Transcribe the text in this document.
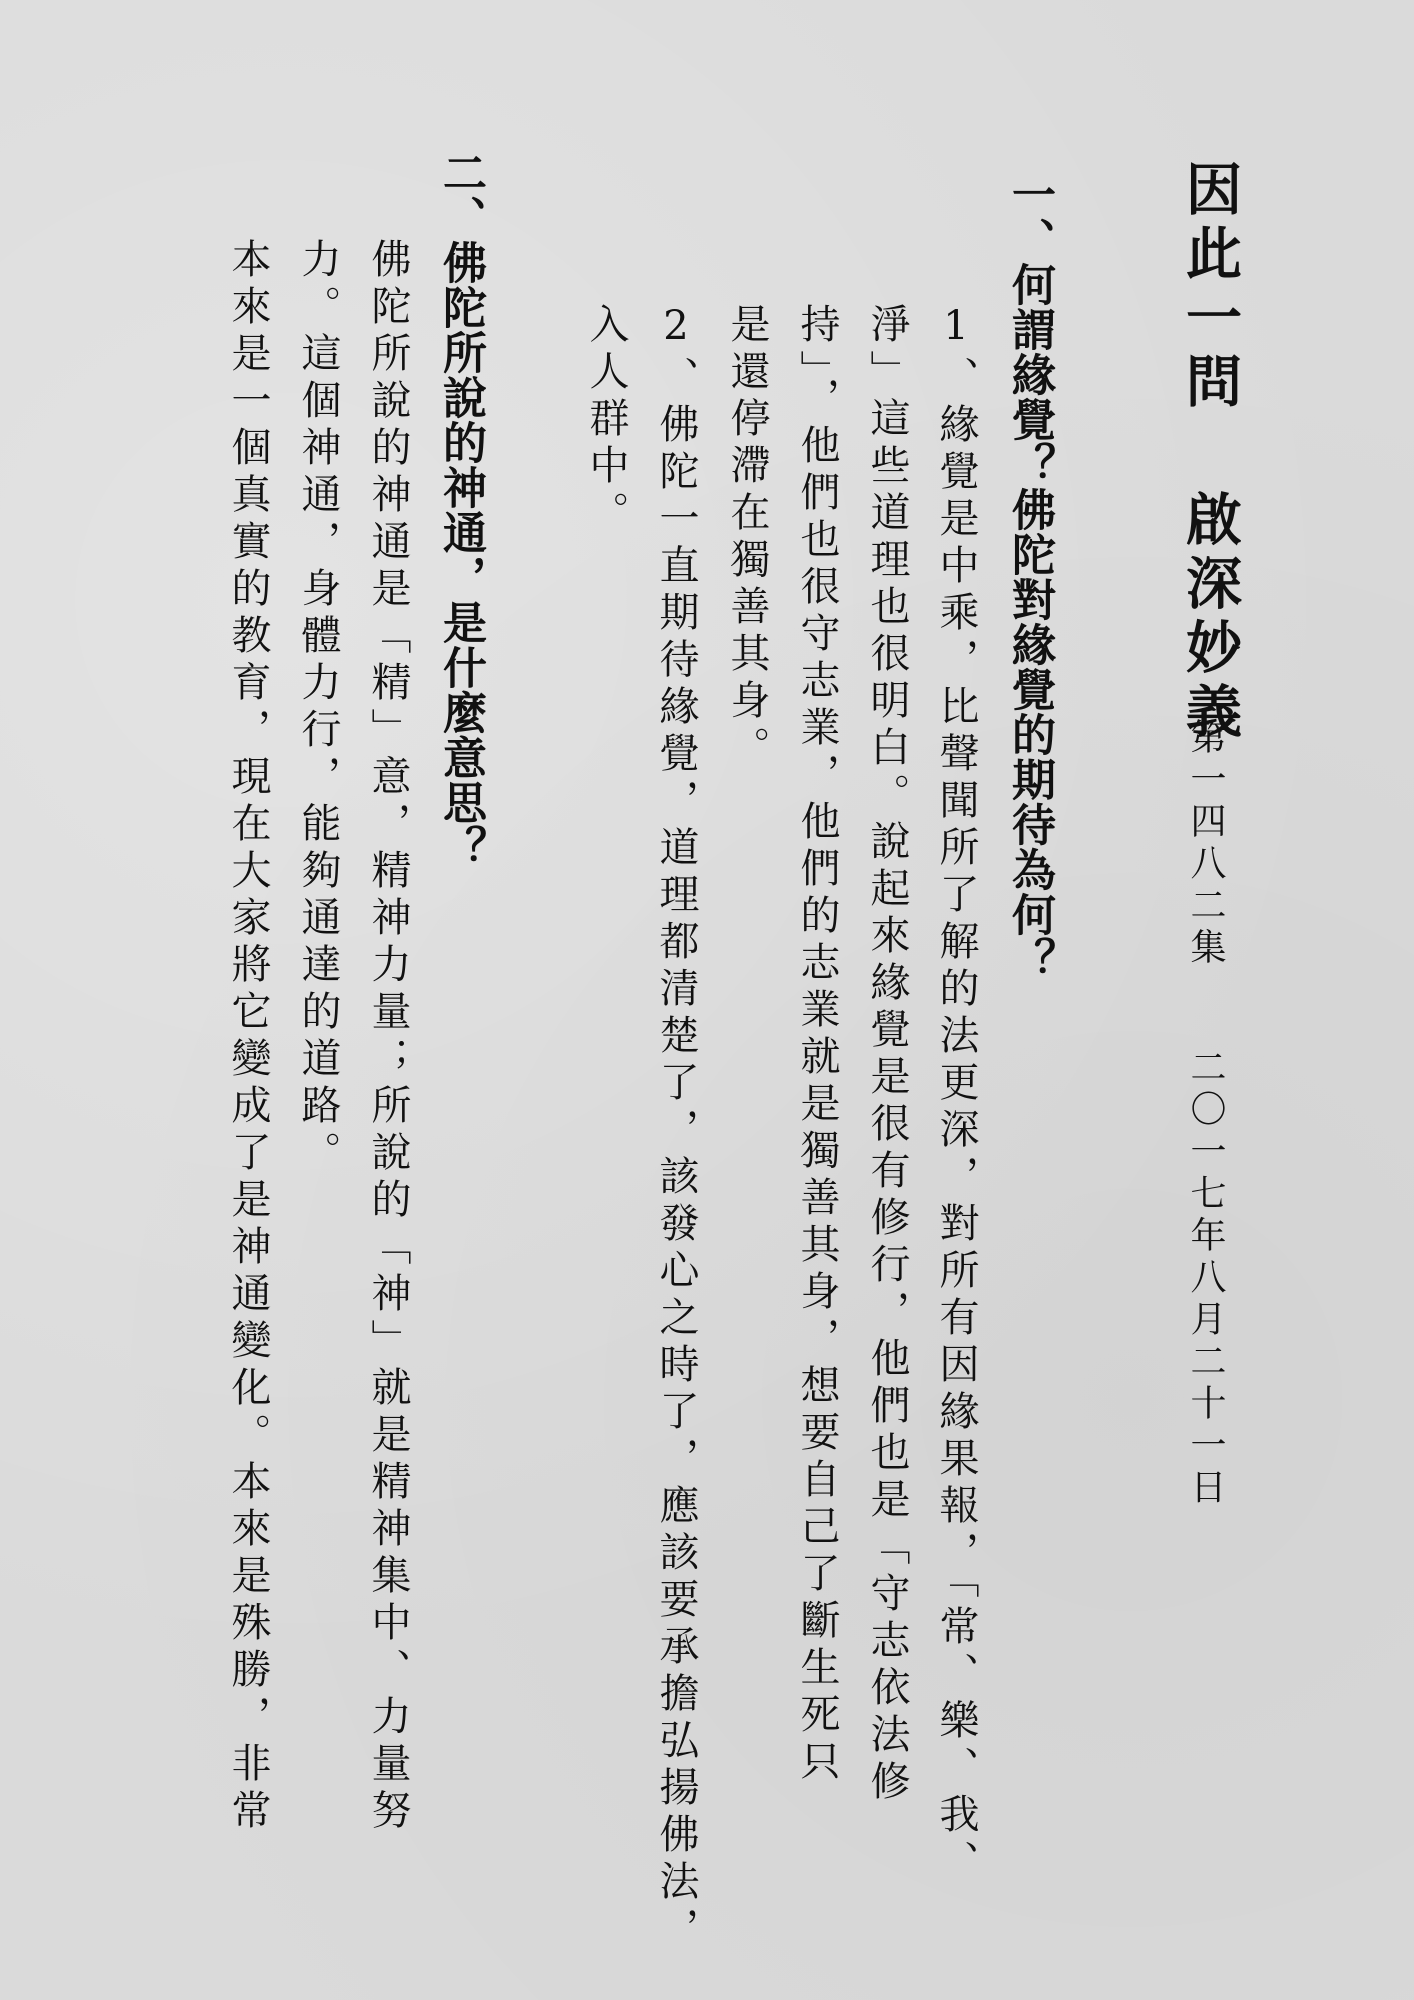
因此一問 啟深妙義
第一四八二集
二〇一七年八月二十一日
一、何謂緣覺？佛陀對緣覺的期待為何？

1、緣覺是中乘，比聲聞所了解的法更深，對所有因緣果報，「常、樂、我、

淨」這些道理也很明白。說起來緣覺是很有修行，他們也是「守志依法修

持」，他們也很守志業，他們的志業就是獨善其身，想要自己了斷生死只

是還停滯在獨善其身。

2、佛陀一直期待緣覺，道理都清楚了，該發心之時了，應該要承擔弘揚佛法，

入人群中。

二、佛陀所說的神通，是什麼意思？

佛陀所說的神通是「精」意，精神力量；所說的「神」就是精神集中、力量努

力。這個神通，身體力行，能夠通達的道路。

本來是一個真實的教育，現在大家將它變成了是神通變化。本來是殊勝，非常
